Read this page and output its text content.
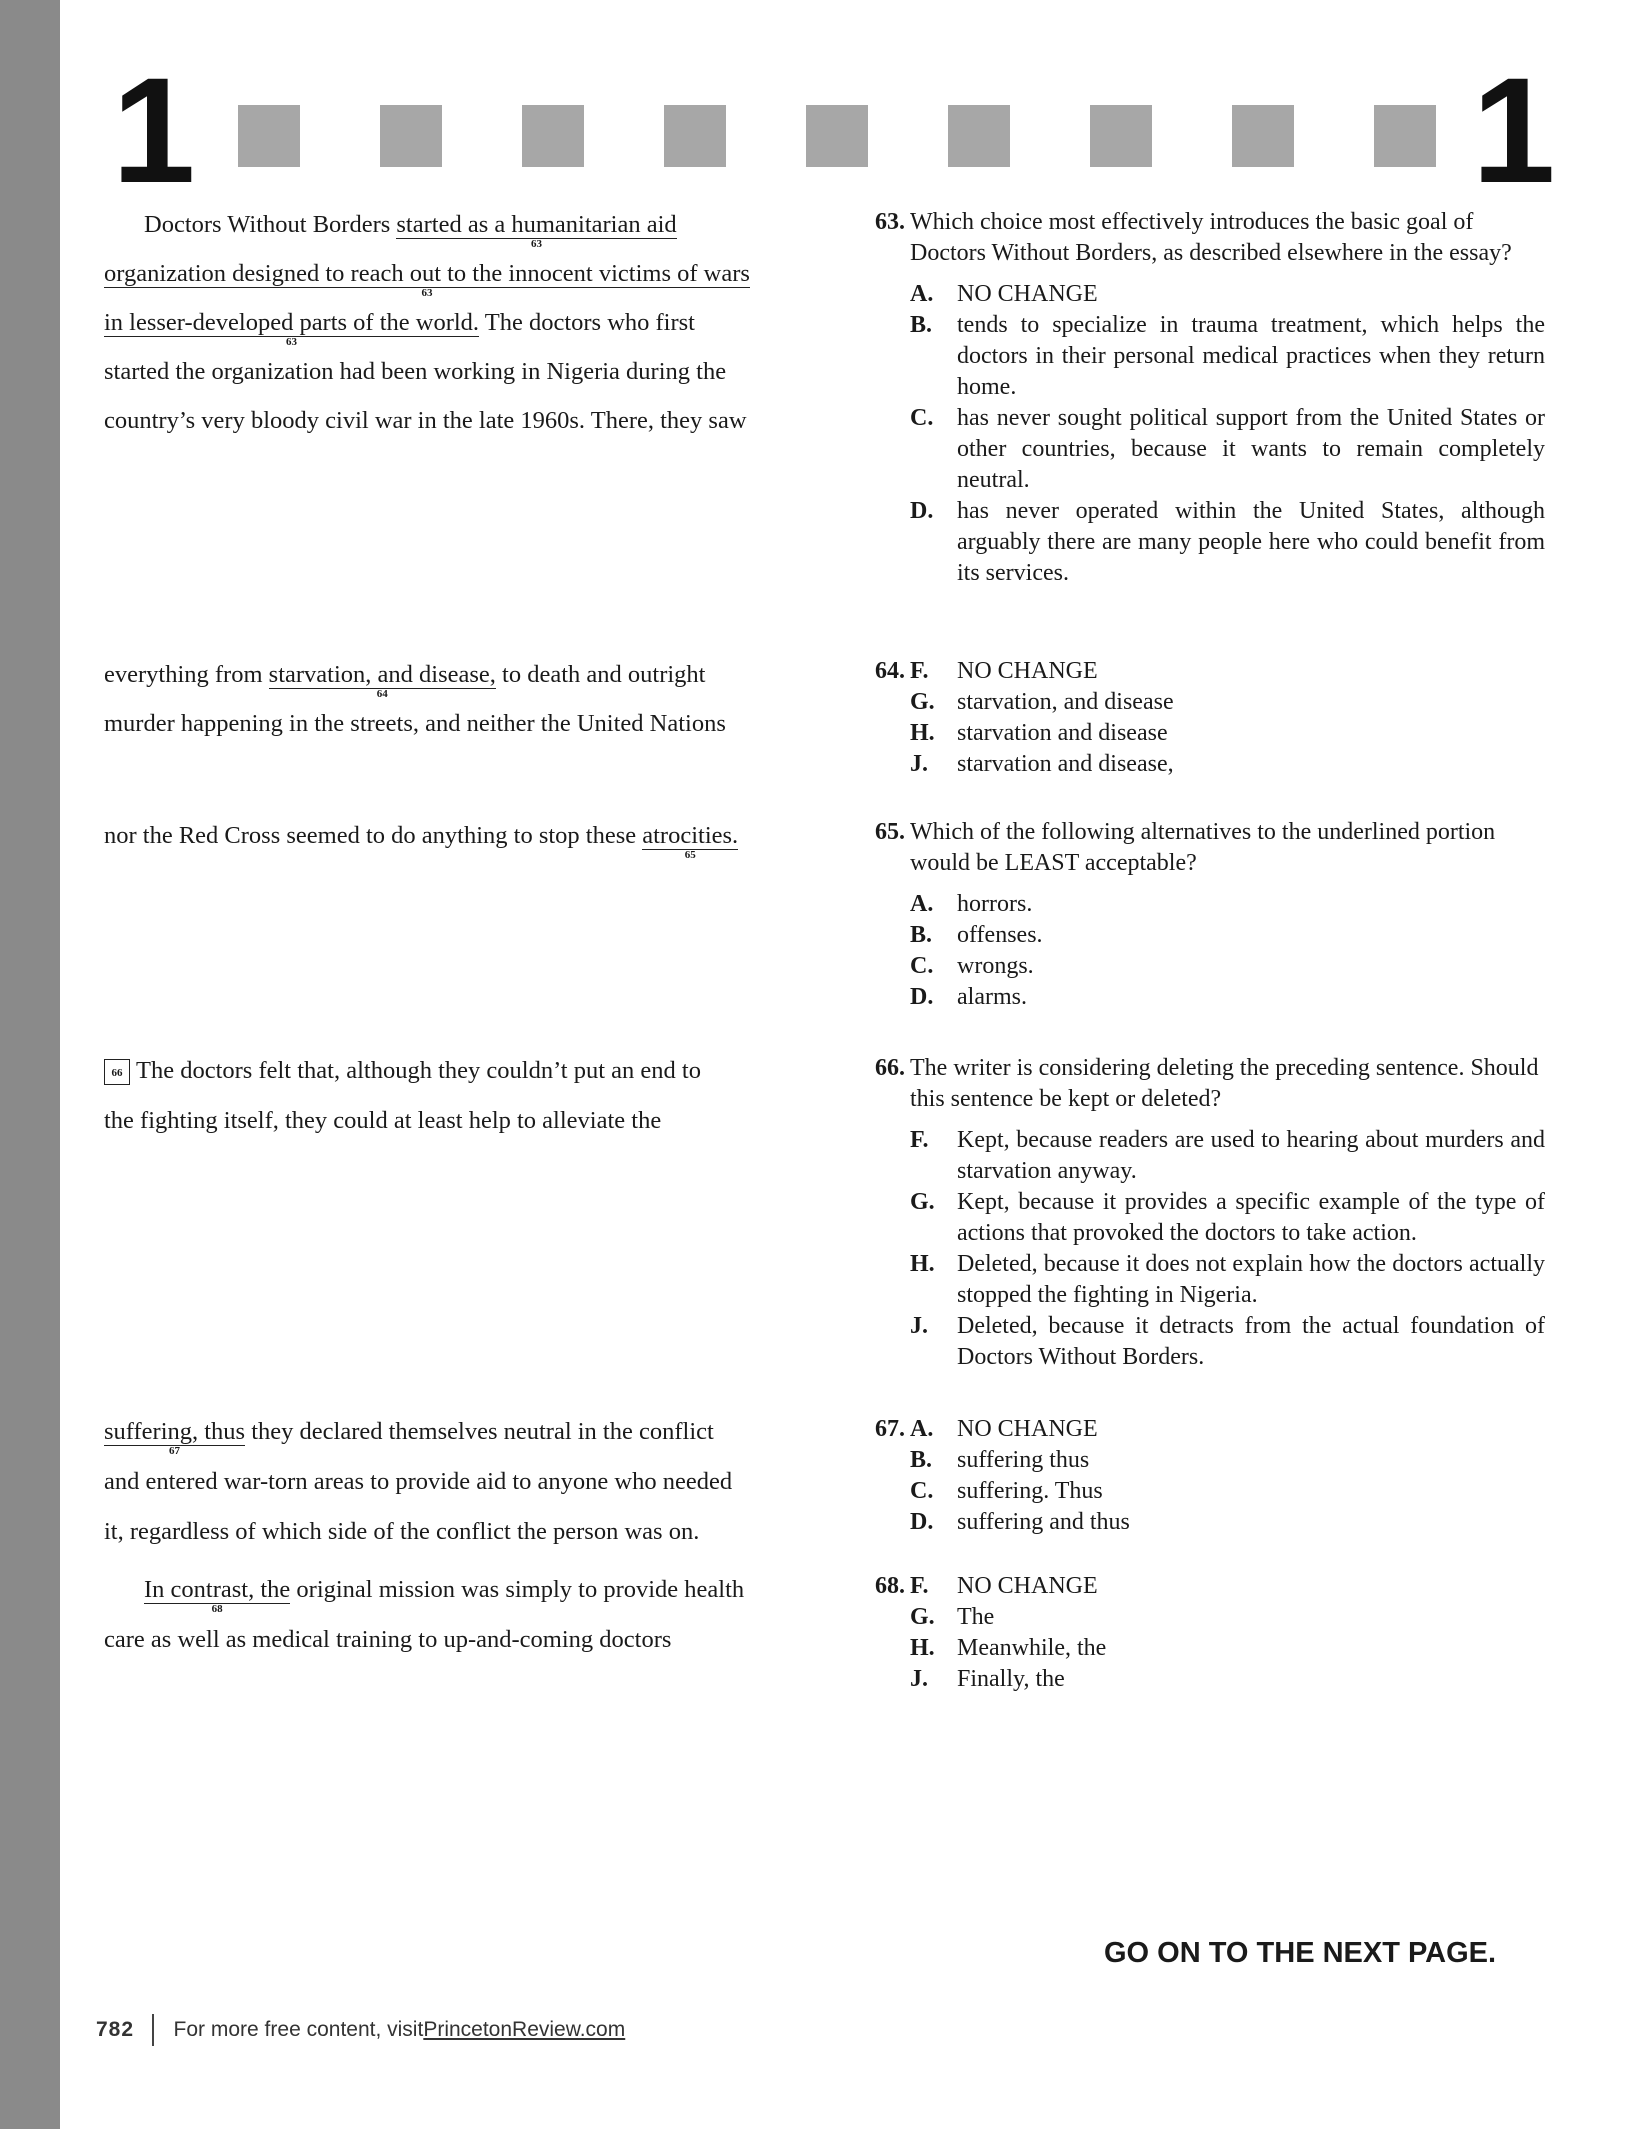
1	1
Doctors Without Borders started as a humanitarian aid
63
organization designed to reach out to the innocent victims of wars
63
in lesser-developed parts of the world.
63
The doctors who first
started the organization had been working in Nigeria during the
country’s very bloody civil war in the late 1960s. There, they saw
everything from starvation, and disease,
64
to death and outright
murder happening in the streets, and neither the United Nations
nor the Red Cross seemed to do anything to stop these atrocities.
65
66 The doctors felt that, although they couldn’t put an end to
the fighting itself, they could at least help to alleviate the
suffering, thus
67
they declared themselves neutral in the conflict
and entered war-torn areas to provide aid to anyone who needed
it, regardless of which side of the conflict the person was on.
In contrast, the
68
original mission was simply to provide health
care as well as medical training to up-and-coming doctors
63. Which choice most effectively introduces the basic goal of Doctors Without Borders, as described elsewhere in the essay?
A. NO CHANGE
B.	tends to specialize in trauma treatment, which helps the doctors in their personal medical practices when they return home.
C. has never sought political support from the United States or other countries, because it wants to remain completely neutral.
D. has never operated within the United States, although arguably there are many people here who could benefit from its services.
64. F.	NO CHANGE
G. starvation, and disease
H. starvation and disease
J.	starvation and disease,
65. Which of the following alternatives to the underlined portion would be LEAST acceptable?
A. horrors.
B.	offenses.
C. wrongs.
D. alarms.
66. The writer is considering deleting the preceding sentence. Should this sentence be kept or deleted?
F.	Kept, because readers are used to hearing about murders and starvation anyway.
G. Kept, because it provides a specific example of the type of actions that provoked the doctors to take action.
H. Deleted, because it does not explain how the doctors actually stopped the fighting in Nigeria.
J.	Deleted, because it detracts from the actual foundation of Doctors Without Borders.
67. A. NO CHANGE
B.	suffering thus
C. suffering. Thus
D. suffering and thus
68. F.	NO CHANGE
G. The
H. Meanwhile, the
J.	Finally, the
GO ON TO THE NEXT PAGE.
782 For more free content, visit PrincetonReview.com
